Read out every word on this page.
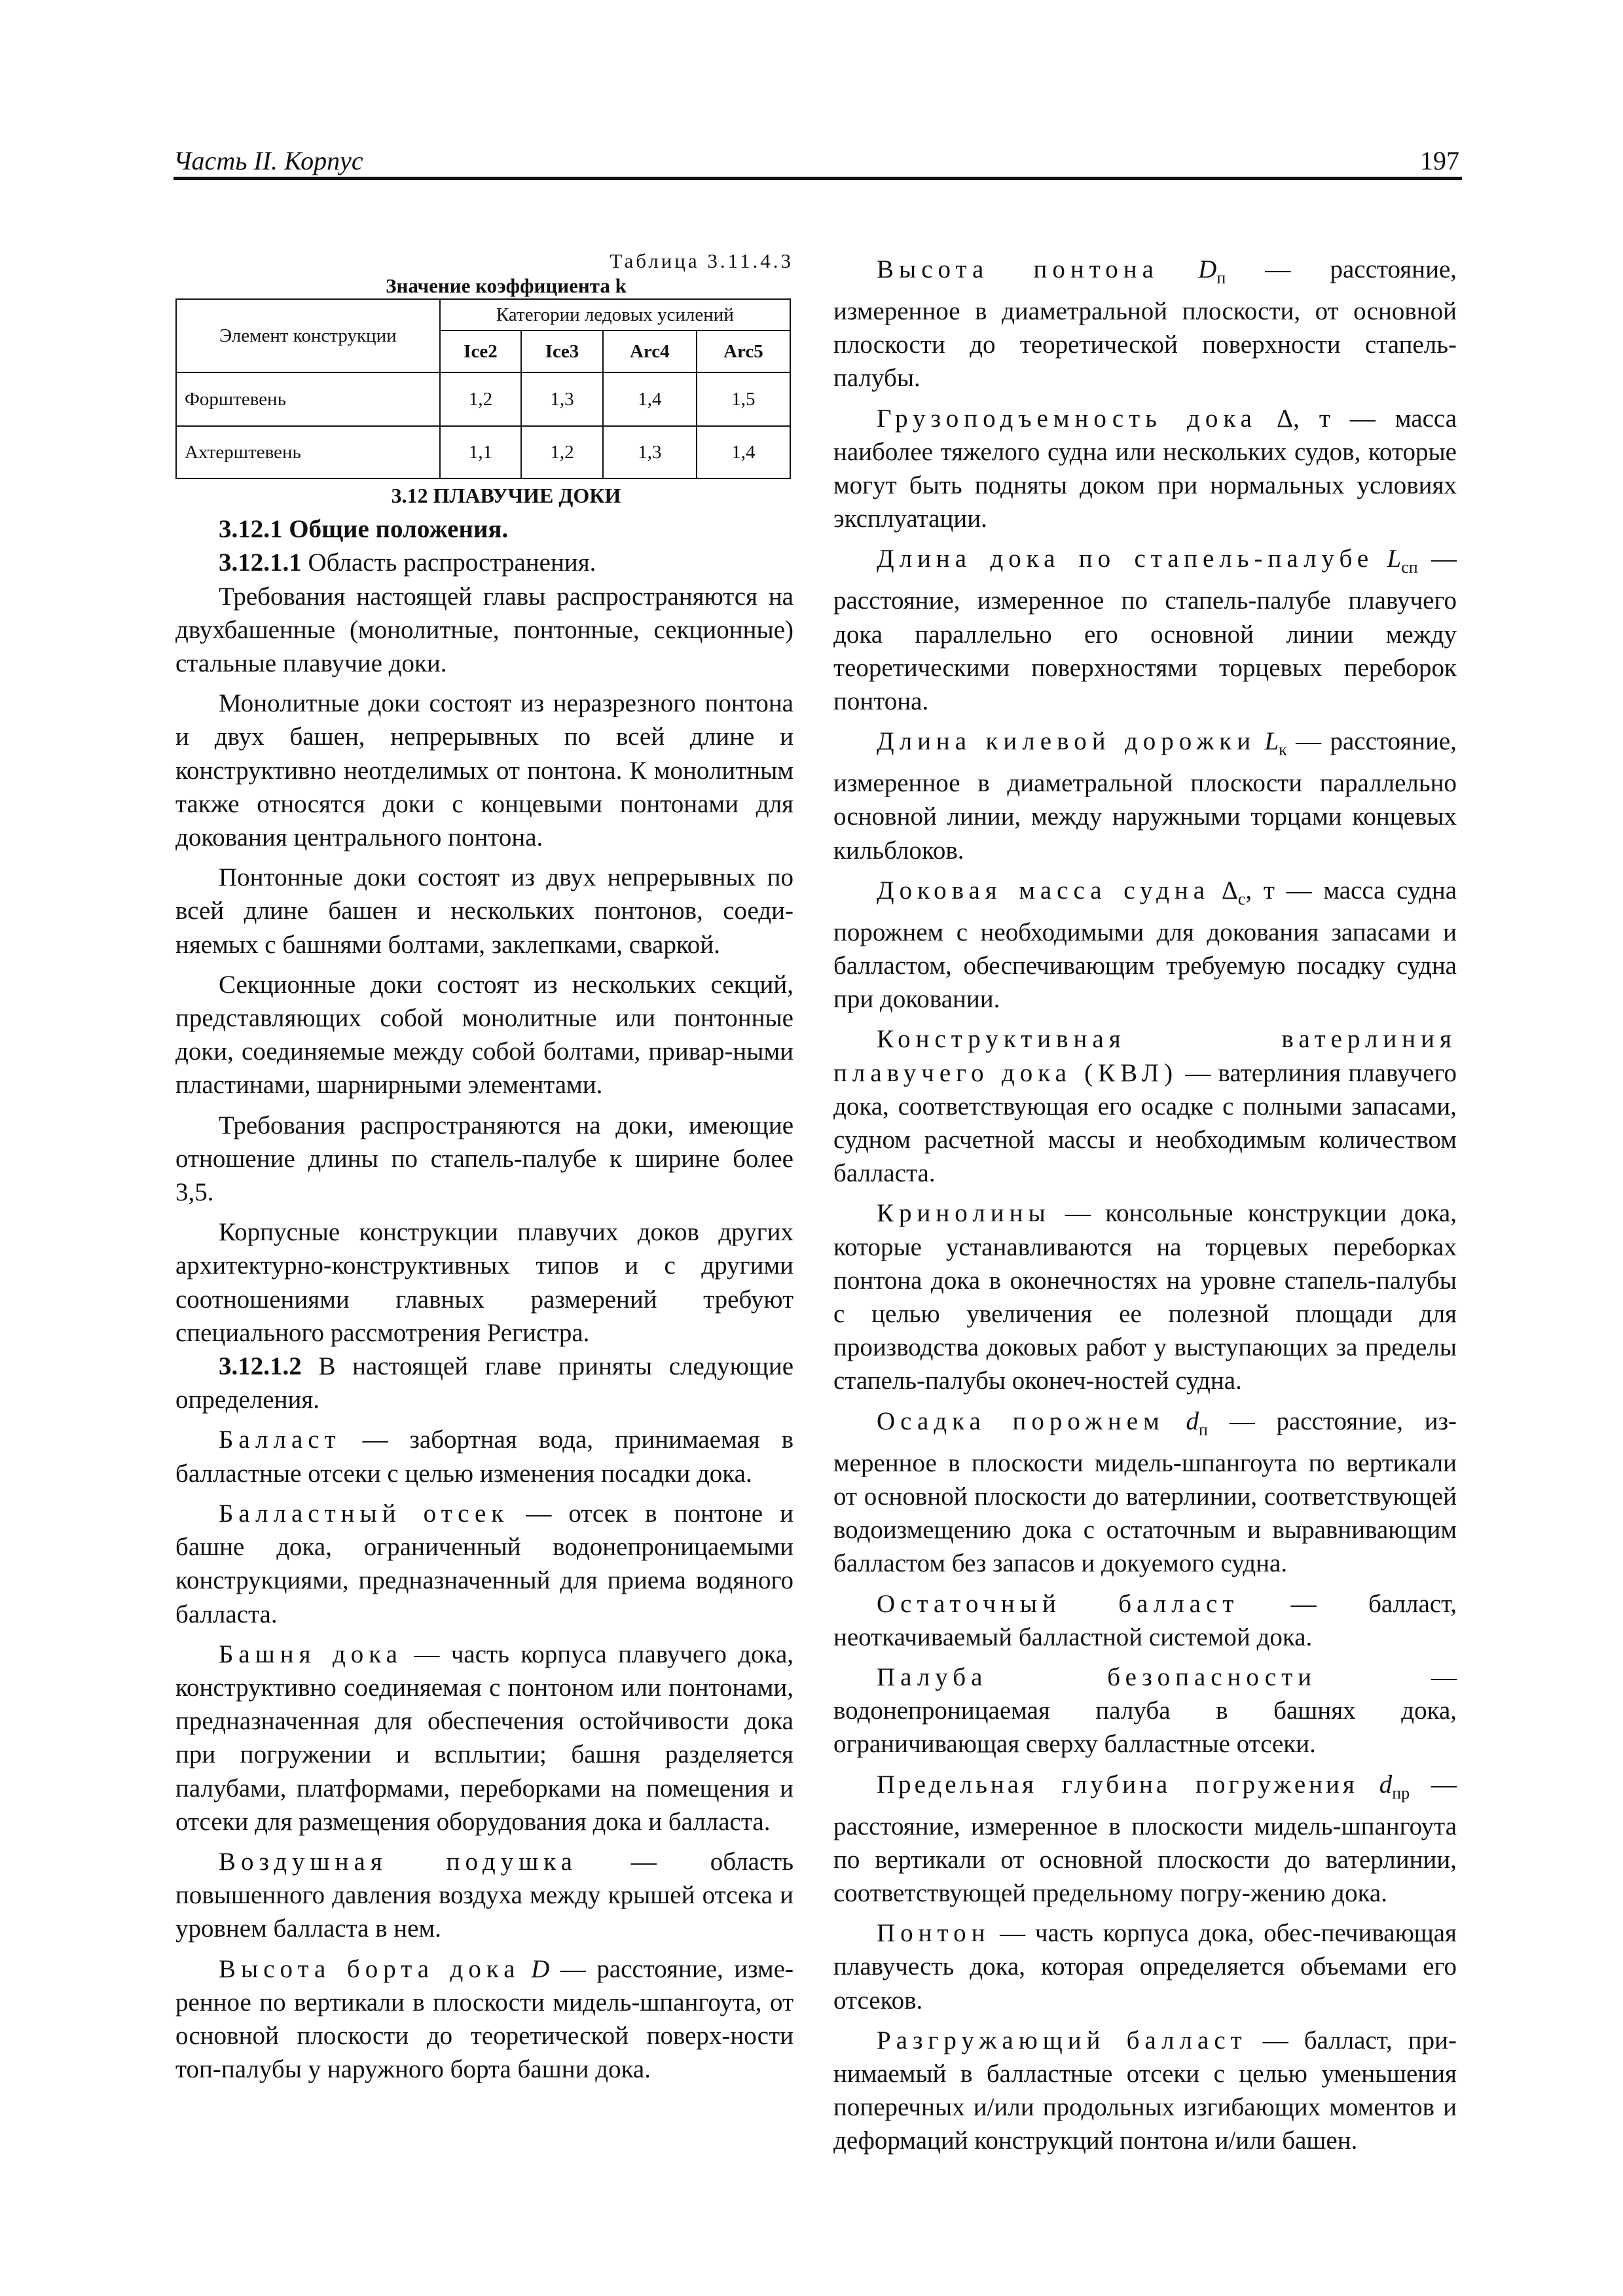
Часть II. Корпус	197

Таблица 3.11.4.3

Значение коэффициента k

Элемент конструкции	Категории ледовых усилений			
	Ice2	Ice3	Arc4	Arc5
Форштевень	1,2	1,3	1,4	1,5
Ахтерштевень	1,1	1,2	1,3	1,4

3.12 ПЛАВУЧИЕ ДОКИ

3.12.1 Общие положения.

3.12.1.1 Область распространения.

Требования настоящей главы распространяются на двухбашенные (монолитные, понтонные, секционные) стальные плавучие доки.

Монолитные доки состоят из неразрезного понтона и двух башен, непрерывных по всей длине и конструктивно неотделимых от понтона. К монолитным также относятся доки с концевыми понтонами для докования центрального понтона.

Понтонные доки состоят из двух непрерывных по всей длине башен и нескольких понтонов, соеди-няемых с башнями болтами, заклепками, сваркой.

Секционные доки состоят из нескольких секций, представляющих собой монолитные или понтонные доки, соединяемые между собой болтами, привар-ными пластинами, шарнирными элементами.

Требования распространяются на доки, имеющие отношение длины по стапель-палубе к ширине более 3,5.

Корпусные конструкции плавучих доков других архитектурно-конструктивных типов и с другими соотношениями главных размерений требуют специального рассмотрения Регистра.

3.12.1.2 В настоящей главе приняты следующие определения.

Балласт — забортная вода, принимаемая в балластные отсеки с целью изменения посадки дока.

Балластный отсек — отсек в понтоне и башне дока, ограниченный водонепроницаемыми конструкциями, предназначенный для приема водяного балласта.

Башня дока — часть корпуса плавучего дока, конструктивно соединяемая с понтоном или понтонами, предназначенная для обеспечения остойчивости дока при погружении и всплытии; башня разделяется палубами, платформами, переборками на помещения и отсеки для размещения оборудования дока и балласта.

Воздушная подушка — область повышенного давления воздуха между крышей отсека и уровнем балласта в нем.

Высота борта дока D — расстояние, изме-ренное по вертикали в плоскости мидель-шпангоута, от основной плоскости до теоретической поверх-ности топ-палубы у наружного борта башни дока.

Высота понтона $D_п$ — расстояние, измеренное в диаметральной плоскости, от основной плоскости до теоретической поверхности стапель-палубы.

Грузоподъемность дока Δ, т — масса наиболее тяжелого судна или нескольких судов, которые могут быть подняты доком при нормальных условиях эксплуатации.

Длина дока по стапель-палубе $L_{сп}$ — расстояние, измеренное по стапель-палубе плавучего дока параллельно его основной линии между теоретическими поверхностями торцевых переборок понтона.

Длина килевой дорожки $L_к$ — расстояние, измеренное в диаметральной плоскости параллельно основной линии, между наружными торцами концевых кильблоков.

Доковая масса судна $\Delta_с$, т — масса судна порожнем с необходимыми для докования запасами и балластом, обеспечивающим требуемую посадку судна при доковании.

Конструктивная ватерлиния плавучего дока (КВЛ) — ватерлиния плавучего дока, соответствующая его осадке с полными запасами, судном расчетной массы и необходимым количеством балласта.

Кринолины — консольные конструкции дока, которые устанавливаются на торцевых переборках понтона дока в оконечностях на уровне стапель-палубы с целью увеличения ее полезной площади для производства доковых работ у выступающих за пределы стапель-палубы оконеч-ностей судна.

Осадка порожнем $d_п$ — расстояние, из-меренное в плоскости мидель-шпангоута по вертикали от основной плоскости до ватерлинии, соответствующей водоизмещению дока с остаточным и выравнивающим балластом без запасов и докуемого судна.

Остаточный балласт — балласт, неоткачиваемый балластной системой дока.

Палуба безопасности — водонепроницаемая палуба в башнях дока, ограничивающая сверху балластные отсеки.

Предельная глубина погружения $d_{пр}$ — расстояние, измеренное в плоскости мидель-шпангоута по вертикали от основной плоскости до ватерлинии, соответствующей предельному погру-жению дока.

Понтон — часть корпуса дока, обес-печивающая плавучесть дока, которая определяется объемами его отсеков.

Разгружающий балласт — балласт, при-нимаемый в балластные отсеки с целью уменьшения поперечных и/или продольных изгибающих моментов и деформаций конструкций понтона и/или башен.
